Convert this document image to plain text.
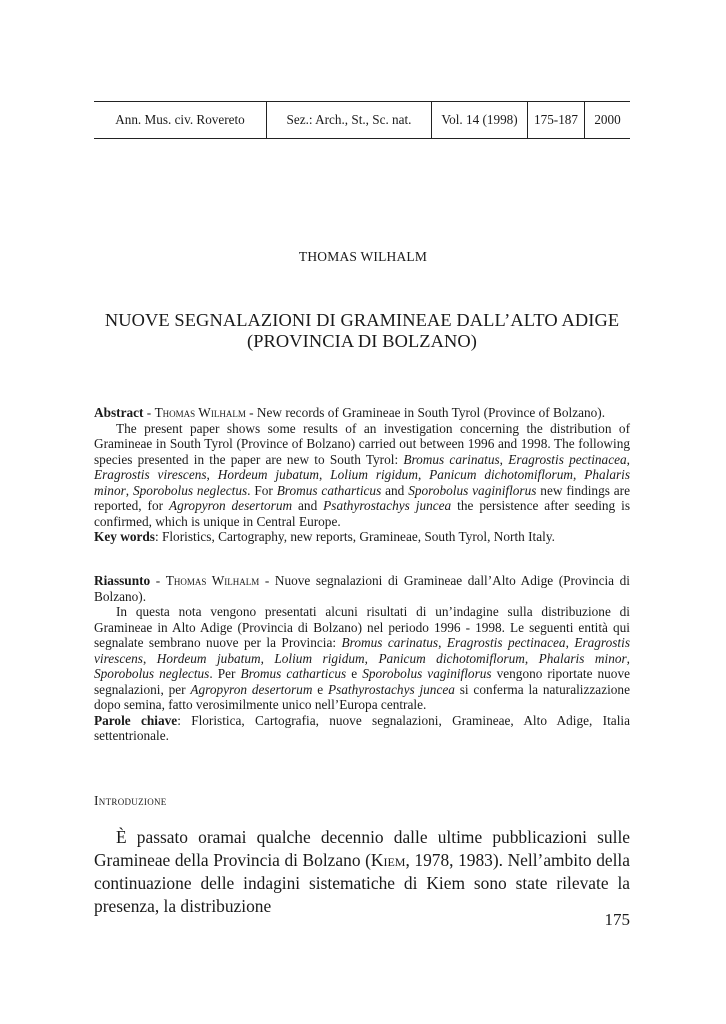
Ann. Mus. civ. Rovereto	Sez.: Arch., St., Sc. nat.	Vol. 14 (1998)	175-187	2000
THOMAS WILHALM
NUOVE SEGNALAZIONI DI GRAMINEAE DALL’ALTO ADIGE
(PROVINCIA DI BOLZANO)

Abstract - Thomas Wilhalm - New records of Gramineae in South Tyrol (Province of Bolzano).

The present paper shows some results of an investigation concerning the distribution of Gramineae in South Tyrol (Province of Bolzano) carried out between 1996 and 1998. The following species presented in the paper are new to South Tyrol: Bromus carinatus, Eragrostis pectinacea, Eragrostis virescens, Hordeum jubatum, Lolium rigidum, Panicum dichotomiflorum, Phalaris minor, Sporobolus neglectus. For Bromus catharticus and Sporobolus vaginiflorus new findings are reported, for Agropyron desertorum and Psathyrostachys juncea the persistence after seeding is confirmed, which is unique in Central Europe.

Key words: Floristics, Cartography, new reports, Gramineae, South Tyrol, North Italy.

Riassunto - Thomas Wilhalm - Nuove segnalazioni di Gramineae dall’Alto Adige (Provincia di Bolzano).

In questa nota vengono presentati alcuni risultati di un’indagine sulla distribuzione di Gramineae in Alto Adige (Provincia di Bolzano) nel periodo 1996 - 1998. Le seguenti entità qui segnalate sembrano nuove per la Provincia: Bromus carinatus, Eragrostis pectinacea, Eragrostis virescens, Hordeum jubatum, Lolium rigidum, Panicum dichotomiflorum, Phalaris minor, Sporobolus neglectus. Per Bromus catharticus e Sporobolus vaginiflorus vengono riportate nuove segnalazioni, per Agropyron desertorum e Psathyrostachys juncea si conferma la naturalizzazione dopo semina, fatto verosimilmente unico nell’Europa centrale.

Parole chiave: Floristica, Cartografia, nuove segnalazioni, Gramineae, Alto Adige, Italia settentrionale.

Introduzione

È passato oramai qualche decennio dalle ultime pubblicazioni sulle Gramineae della Provincia di Bolzano (Kiem, 1978, 1983). Nell’ambito della continuazione delle indagini sistematiche di Kiem sono state rilevate la presenza, la distribuzione

175
